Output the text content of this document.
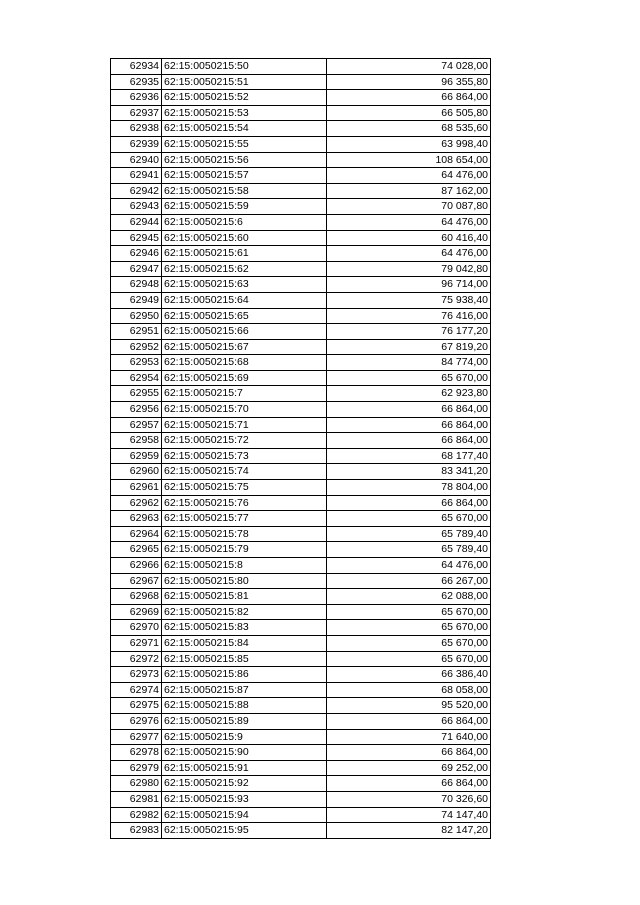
62934	62:15:0050215:50	74 028,00
62935	62:15:0050215:51	96 355,80
62936	62:15:0050215:52	66 864,00
62937	62:15:0050215:53	66 505,80
62938	62:15:0050215:54	68 535,60
62939	62:15:0050215:55	63 998,40
62940	62:15:0050215:56	108 654,00
62941	62:15:0050215:57	64 476,00
62942	62:15:0050215:58	87 162,00
62943	62:15:0050215:59	70 087,80
62944	62:15:0050215:6	64 476,00
62945	62:15:0050215:60	60 416,40
62946	62:15:0050215:61	64 476,00
62947	62:15:0050215:62	79 042,80
62948	62:15:0050215:63	96 714,00
62949	62:15:0050215:64	75 938,40
62950	62:15:0050215:65	76 416,00
62951	62:15:0050215:66	76 177,20
62952	62:15:0050215:67	67 819,20
62953	62:15:0050215:68	84 774,00
62954	62:15:0050215:69	65 670,00
62955	62:15:0050215:7	62 923,80
62956	62:15:0050215:70	66 864,00
62957	62:15:0050215:71	66 864,00
62958	62:15:0050215:72	66 864,00
62959	62:15:0050215:73	68 177,40
62960	62:15:0050215:74	83 341,20
62961	62:15:0050215:75	78 804,00
62962	62:15:0050215:76	66 864,00
62963	62:15:0050215:77	65 670,00
62964	62:15:0050215:78	65 789,40
62965	62:15:0050215:79	65 789,40
62966	62:15:0050215:8	64 476,00
62967	62:15:0050215:80	66 267,00
62968	62:15:0050215:81	62 088,00
62969	62:15:0050215:82	65 670,00
62970	62:15:0050215:83	65 670,00
62971	62:15:0050215:84	65 670,00
62972	62:15:0050215:85	65 670,00
62973	62:15:0050215:86	66 386,40
62974	62:15:0050215:87	68 058,00
62975	62:15:0050215:88	95 520,00
62976	62:15:0050215:89	66 864,00
62977	62:15:0050215:9	71 640,00
62978	62:15:0050215:90	66 864,00
62979	62:15:0050215:91	69 252,00
62980	62:15:0050215:92	66 864,00
62981	62:15:0050215:93	70 326,60
62982	62:15:0050215:94	74 147,40
62983	62:15:0050215:95	82 147,20
